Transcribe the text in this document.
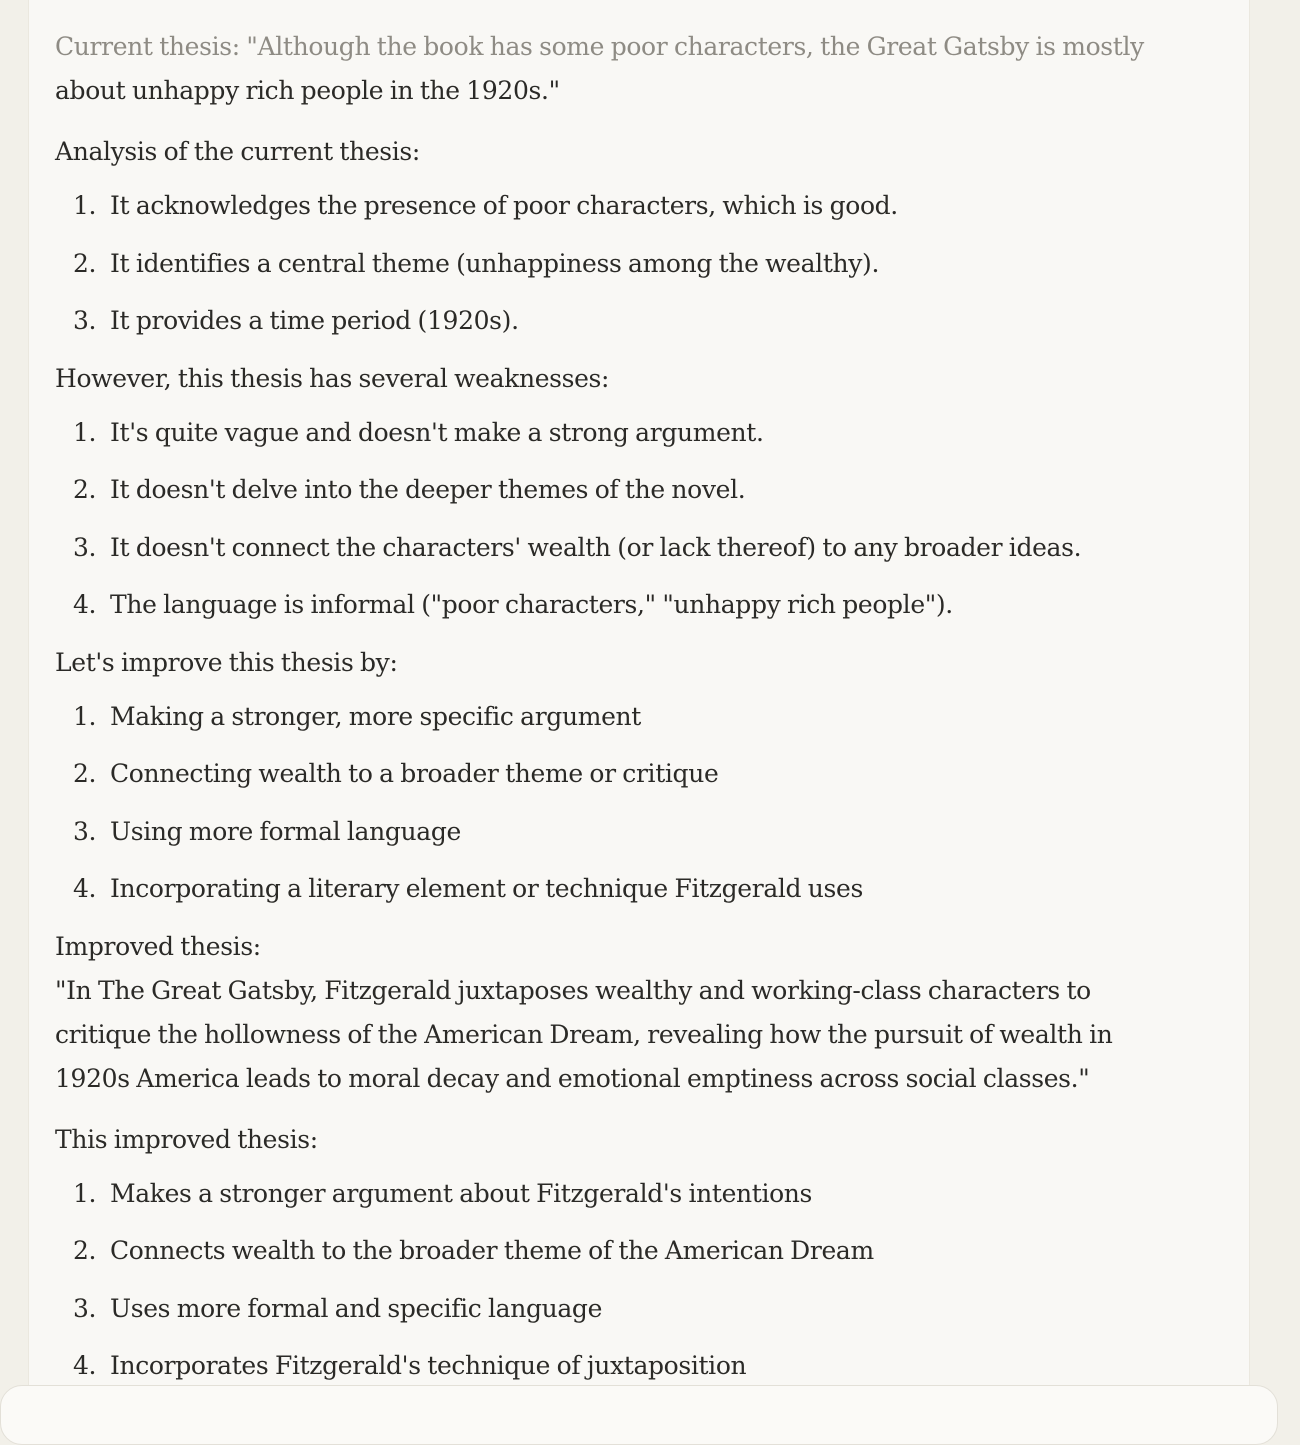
Current thesis: "Although the book has some poor characters, the Great Gatsby is mostly
about unhappy rich people in the 1920s."

Analysis of the current thesis:

1. It acknowledges the presence of poor characters, which is good.
2. It identifies a central theme (unhappiness among the wealthy).
3. It provides a time period (1920s).

However, this thesis has several weaknesses:

1. It's quite vague and doesn't make a strong argument.
2. It doesn't delve into the deeper themes of the novel.
3. It doesn't connect the characters' wealth (or lack thereof) to any broader ideas.
4. The language is informal ("poor characters," "unhappy rich people").

Let's improve this thesis by:

1. Making a stronger, more specific argument
2. Connecting wealth to a broader theme or critique
3. Using more formal language
4. Incorporating a literary element or technique Fitzgerald uses

Improved thesis:
"In The Great Gatsby, Fitzgerald juxtaposes wealthy and working-class characters to
critique the hollowness of the American Dream, revealing how the pursuit of wealth in
1920s America leads to moral decay and emotional emptiness across social classes."

This improved thesis:

1. Makes a stronger argument about Fitzgerald's intentions
2. Connects wealth to the broader theme of the American Dream
3. Uses more formal and specific language
4. Incorporates Fitzgerald's technique of juxtaposition
